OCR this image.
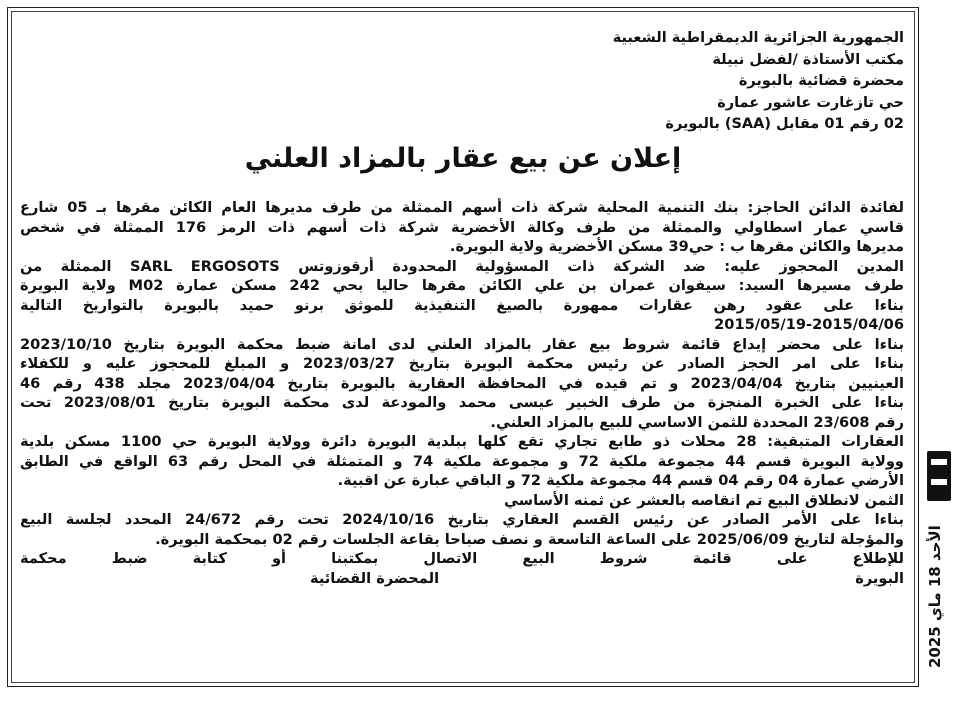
الجمهورية الجزائرية الديمقراطية الشعبية
مكتب الأستاذة /لفضل نبيلة
محضرة قضائية بالبويرة
حي تازغارت عاشور عمارة
02 رقم 01 مقابل (SAA) بالبويرة
إعلان عن بيع عقار بالمزاد العلني
لفائدة الدائن الحاجز: بنك التنمية المحلية شركة ذات أسهم الممثلة من طرف مديرها العام الكائن مقرها بـ 05 شارع
قاسي عمار اسطاولي والممثلة من طرف وكالة الأخضرية شركة ذات أسهم ذات الرمز 176 الممثلة في شخص
مديرها والكائن مقرها ب : حي39 مسكن الأخضرية ولاية البويرة.
المدين المحجوز عليه: ضد الشركة ذات المسؤولية المحدودة أرقوزوتس SARL ERGOSOTS الممثلة من
طرف مسيرها السيد: سيفوان عمران بن علي الكائن مقرها حاليا بحي 242 مسكن عمارة M02 ولاية البويرة
بناءا على عقود رهن عقارات ممهورة بالصيغ التنفيذية للموثق برنو حميد بالبويرة بالتواريخ التالية
2015/05/19-2015/04/06
بناءا على محضر إيداع قائمة شروط بيع عقار بالمزاد العلني لدى امانة ضبط محكمة البويرة بتاريخ 2023/10/10
بناءا على امر الحجز الصادر عن رئيس محكمة البويرة بتاريخ 2023/03/27 و المبلغ للمحجوز عليه و للكفلاء
العينيين بتاريخ 2023/04/04 و تم قيده في المحافظة العقارية بالبويرة بتاريخ 2023/04/04 مجلد 438 رقم 46
بناءا على الخبرة المنجزة من طرف الخبير عيسى محمد والمودعة لدى محكمة البويرة بتاريخ 2023/08/01 تحت
رقم 23/608 المحددة للثمن الاساسي للبيع بالمزاد العلني.
العقارات المتبقية: 28 محلات ذو طابع تجاري تقع كلها ببلدية البويرة دائرة وولاية البويرة حي 1100 مسكن بلدية
وولاية البويرة قسم 44 مجموعة ملكية 72 و مجموعة ملكية 74 و المتمثلة في المحل رقم 63 الواقع في الطابق
الأرضي عمارة 04 رقم 04 قسم 44 مجموعة ملكية 72 و الباقي عبارة عن اقبية.
الثمن لانطلاق البيع تم انقاصه بالعشر عن ثمنه الأساسي
بناءا على الأمر الصادر عن رئيس القسم العقاري بتاريخ 2024/10/16 تحت رقم 24/672 المحدد لجلسة البيع
والمؤجلة لتاريخ 2025/06/09 على الساعة التاسعة و نصف صباحا بقاعة الجلسات رقم 02 بمحكمة البويرة.
للإطلاع على قائمة شروط البيع الاتصال بمكتبنا أو كتابة ضبط محكمة
البويرة
المحضرة القضائية
الأحد 18 ماي 2025
